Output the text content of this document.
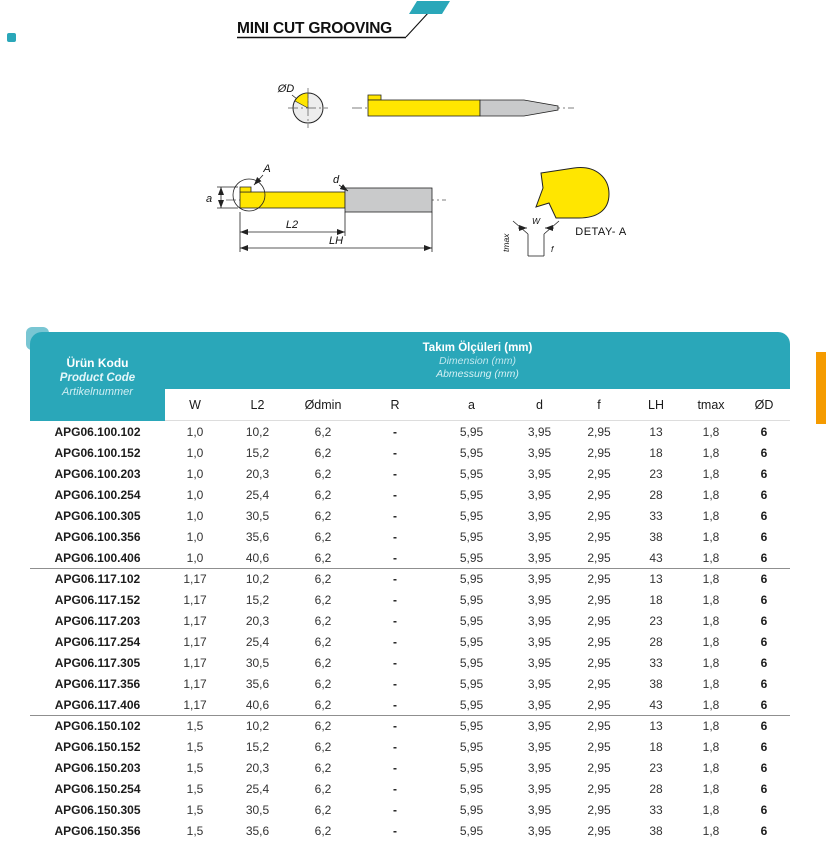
MINI CUT GROOVING
ØD
A
a
d
L2
LH
DETAY- A
W
tmax	f
Ürün Kodu
Product Code
Artikelnummer
Takım Ölçüleri (mm)
Dimension (mm)
Abmessung (mm)
W	L2	Ødmin	R	a	d	f	LH	tmax	ØD
APG06.100.102	1,0	10,2	6,2	-	5,95	3,95	2,95	13	1,8	6
APG06.100.152	1,0	15,2	6,2	-	5,95	3,95	2,95	18	1,8	6
APG06.100.203	1,0	20,3	6,2	-	5,95	3,95	2,95	23	1,8	6
APG06.100.254	1,0	25,4	6,2	-	5,95	3,95	2,95	28	1,8	6
APG06.100.305	1,0	30,5	6,2	-	5,95	3,95	2,95	33	1,8	6
APG06.100.356	1,0	35,6	6,2	-	5,95	3,95	2,95	38	1,8	6
APG06.100.406	1,0	40,6	6,2	-	5,95	3,95	2,95	43	1,8	6
APG06.117.102	1,17	10,2	6,2	-	5,95	3,95	2,95	13	1,8	6
APG06.117.152	1,17	15,2	6,2	-	5,95	3,95	2,95	18	1,8	6
APG06.117.203	1,17	20,3	6,2	-	5,95	3,95	2,95	23	1,8	6
APG06.117.254	1,17	25,4	6,2	-	5,95	3,95	2,95	28	1,8	6
APG06.117.305	1,17	30,5	6,2	-	5,95	3,95	2,95	33	1,8	6
APG06.117.356	1,17	35,6	6,2	-	5,95	3,95	2,95	38	1,8	6
APG06.117.406	1,17	40,6	6,2	-	5,95	3,95	2,95	43	1,8	6
APG06.150.102	1,5	10,2	6,2	-	5,95	3,95	2,95	13	1,8	6
APG06.150.152	1,5	15,2	6,2	-	5,95	3,95	2,95	18	1,8	6
APG06.150.203	1,5	20,3	6,2	-	5,95	3,95	2,95	23	1,8	6
APG06.150.254	1,5	25,4	6,2	-	5,95	3,95	2,95	28	1,8	6
APG06.150.305	1,5	30,5	6,2	-	5,95	3,95	2,95	33	1,8	6
APG06.150.356	1,5	35,6	6,2	-	5,95	3,95	2,95	38	1,8	6
